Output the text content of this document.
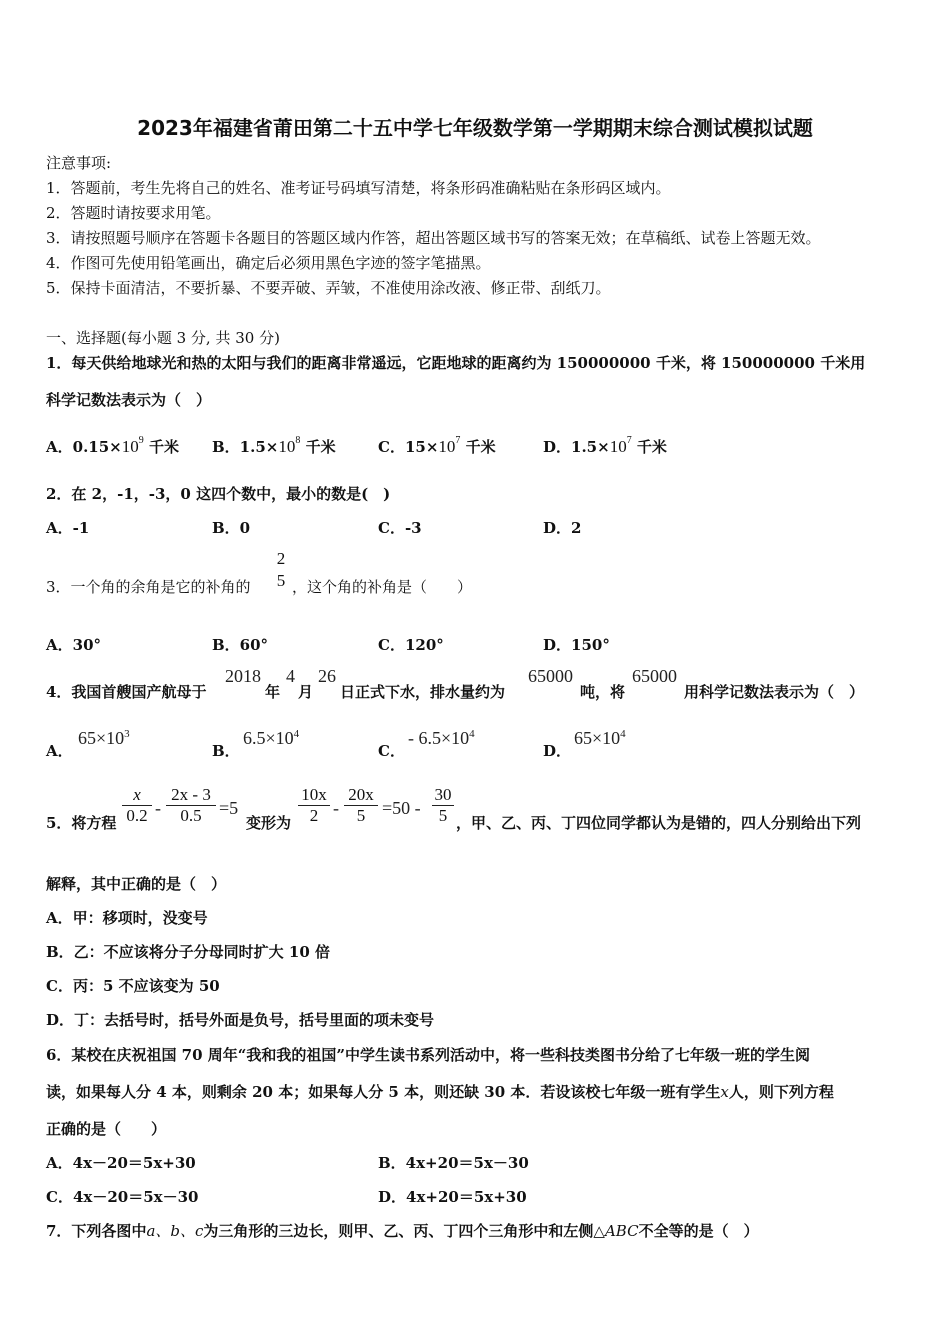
2023年福建省莆田第二十五中学七年级数学第一学期期末综合测试模拟试题
注意事项:
1．答题前，考生先将自己的姓名、准考证号码填写清楚，将条形码准确粘贴在条形码区域内。
2．答题时请按要求用笔。
3．请按照题号顺序在答题卡各题目的答题区域内作答，超出答题区域书写的答案无效；在草稿纸、试卷上答题无效。
4．作图可先使用铅笔画出，确定后必须用黑色字迹的签字笔描黑。
5．保持卡面清洁，不要折暴、不要弄破、弄皱，不准使用涂改液、修正带、刮纸刀。
一、选择题(每小题 3 分, 共 30 分)
1．每天供给地球光和热的太阳与我们的距离非常遥远，它距地球的距离约为 150000000 千米，将 150000000 千米用
科学记数法表示为（　）
A．$0.15\times 10^9$ 千米 B．$1.5\times 10^8$ 千米	C．$15\times 10^7$ 千米	D．$1.5\times 10^7$ 千米
2．在 2，-1，-3，0 这四个数中，最小的数是(　)
A．-1	B．0	C．-3	D．2
3．一个角的余角是它的补角的
2
5 ，这个角的补角是（　　）
A．30°	B．60°	C．120°	D．150°
4．我国首艘国产航母于
2018
年
4
月
26
日正式下水，排水量约为
65000
吨，将
65000
用科学记数法表示为（　）
A．
$65\times 10^3$
B．
$6.5\times 10^4$
C．
- $6.5\times 10^4$
D．
$65\times 10^4$
5．将方程
x
0.2 -
2x - 3
0.5 =5
变形为
10x
2 -
20x
5 =50 -
30
5 ，甲、乙、丙、丁四位同学都认为是错的，四人分别给出下列
解释，其中正确的是（　）
A．甲：移项时，没变号
B．乙：不应该将分子分母同时扩大 10 倍
C．丙：5 不应该变为 50
D．丁：去括号时，括号外面是负号，括号里面的项未变号
6．某校在庆祝祖国 70 周年“我和我的祖国”中学生读书系列活动中，将一些科技类图书分给了七年级一班的学生阅
读，如果每人分 4 本，则剩余 20 本；如果每人分 5 本，则还缺 30 本．若设该校七年级一班有学生x人，则下列方程
正确的是（　　）
A．4x－20＝5x+30	B．4x+20＝5x－30
C．4x－20＝5x－30	D．4x+20＝5x+30
7．下列各图中a、b、c为三角形的三边长，则甲、乙、丙、丁四个三角形中和左侧△ABC不全等的是（　）
